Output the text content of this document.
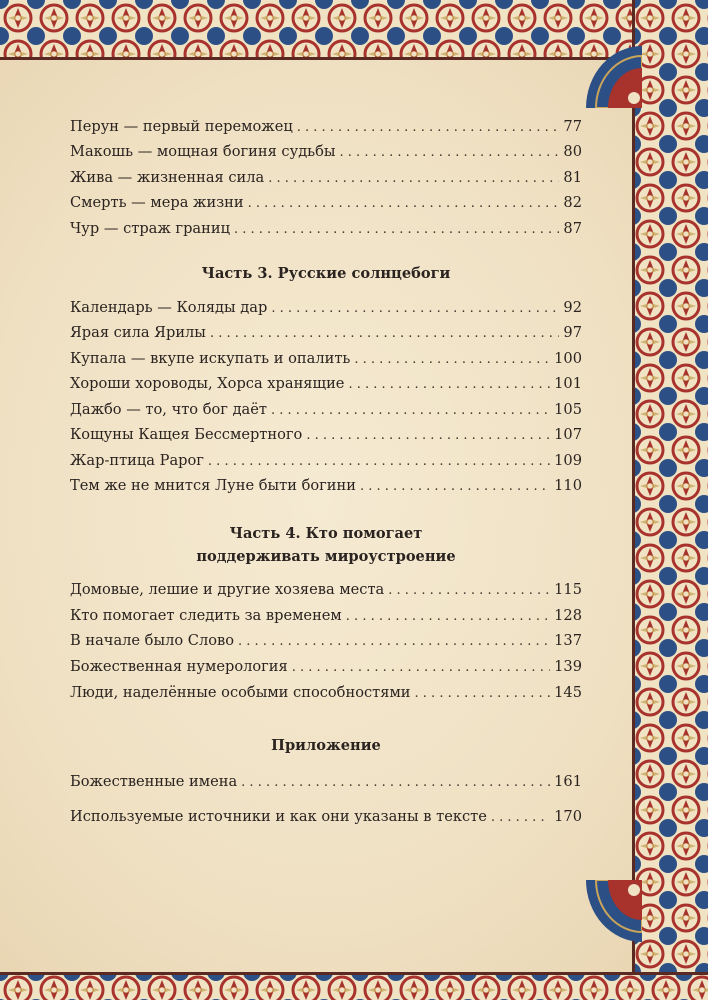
Перун — первый переможец . . .	77
Макошь — мощная богиня судьбы . . .	80
Жива — жизненная сила . . .	81
Смерть — мера жизни . . .	82
Чур — страж границ . . .	87
Часть 3. Русские солнцебоги
Календарь — Коляды дар . . .	92
Ярая сила Ярилы . . .	97
Купала — вкупе искупать и опалить . . .	100
Хороши хороводы, Хорса хранящие . . .	101
Дажбо — то, что бог даёт . . .	105
Кощуны Кащея Бессмертного . . .	107
Жар-птица Рарог . . .	109
Тем же не мнится Луне быти богини . . .	110
Часть 4. Кто помогает
поддерживать мироустроение
Домовые, лешие и другие хозяева места . . .	115
Кто помогает следить за временем . . .	128
В начале было Слово . . .	137
Божественная нумерология . . .	139
Люди, наделённые особыми способностями . . .	145
Приложение
Божественные имена . . .	161
Используемые источники и как они указаны в тексте . . .	170
